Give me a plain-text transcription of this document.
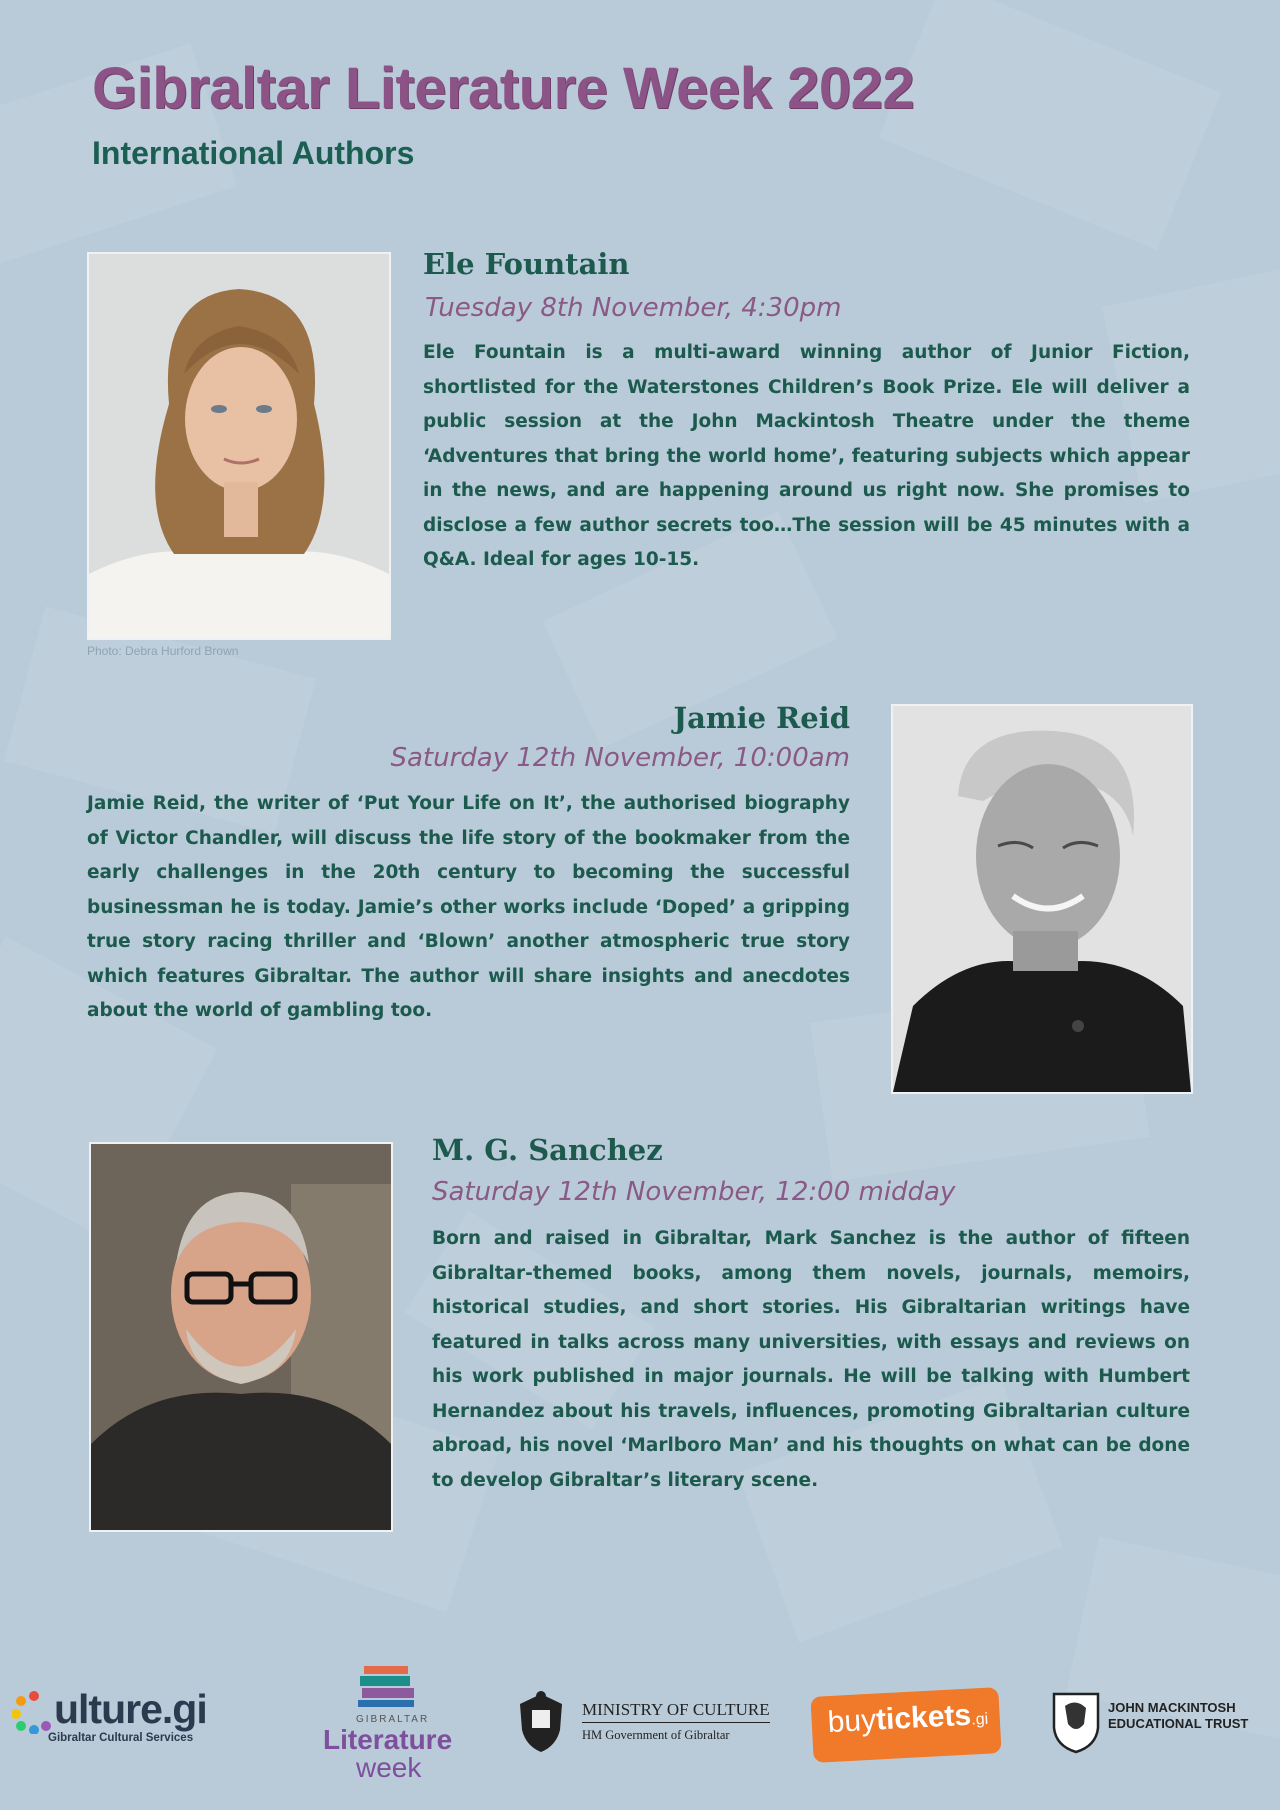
Gibraltar Literature Week 2022
International Authors
Photo: Debra Hurford Brown
Ele Fountain
Tuesday 8th November, 4:30pm

Ele Fountain is a multi-award winning author of Junior Fiction, shortlisted for the Waterstones Children’s Book Prize. Ele will deliver a public session at the John Mackintosh Theatre under the theme ‘Adventures that bring the world home’, featuring subjects which appear in the news, and are happening around us right now. She promises to disclose a few author secrets too…The session will be 45 minutes with a Q&A. Ideal for ages 10-15.

Jamie Reid
Saturday 12th November, 10:00am

Jamie Reid, the writer of ‘Put Your Life on It’, the authorised biography of Victor Chandler, will discuss the life story of the bookmaker from the early challenges in the 20th century to becoming the successful businessman he is today. Jamie’s other works include ‘Doped’ a gripping true story racing thriller and ‘Blown’ another atmospheric true story which features Gibraltar. The author will share insights and anecdotes about the world of gambling too.

M. G. Sanchez
Saturday 12th November, 12:00 midday

Born and raised in Gibraltar, Mark Sanchez is the author of fifteen Gibraltar-themed books, among them novels, journals, memoirs, historical studies, and short stories. His Gibraltarian writings have featured in talks across many universities, with essays and reviews on his work published in major journals. He will be talking with Humbert Hernandez about his travels, influences, promoting Gibraltarian culture abroad, his novel ‘Marlboro Man’ and his thoughts on what can be done to develop Gibraltar’s literary scene.

ulture.gi
Gibraltar Cultural Services
GIBRALTAR
Literature
week
MINISTRY OF CULTURE
HM Government of Gibraltar	buytickets.gi
JOHN MACKINTOSH
EDUCATIONAL TRUST
